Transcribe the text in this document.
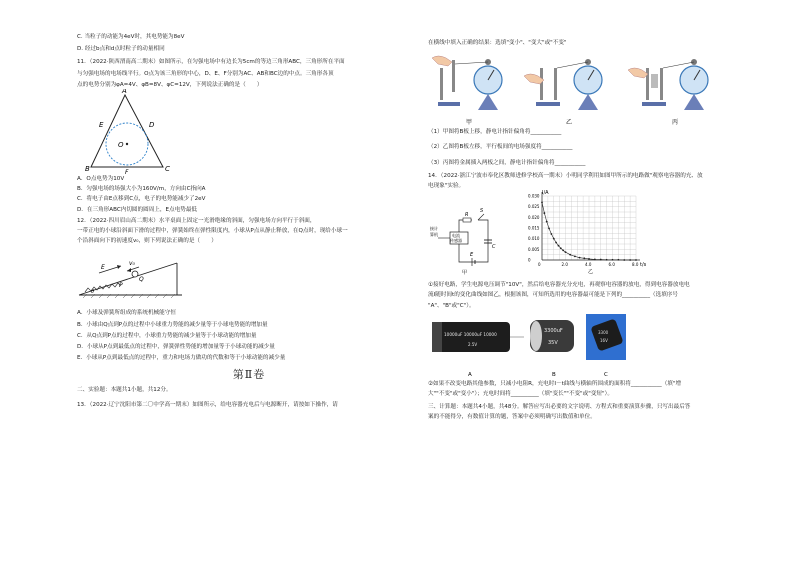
C. 当粒子的动能为4eV时，其电势能为8eV

D. 经过b点和d点时粒子的动量相同

11．（2022·陕西渭南高二期末）如图所示，在匀强电场中有边长为5cm的等边三角形ABC，三角形所在平面

与匀强电场的电场线平行。O点为该三角形的中心，D、E、F分别为AC、AB和BC边的中点。三角形各顶

点的电势分别为φA=4V、φB=8V、φC=12V，下列说法正确的是（　　）

A
B	C
D
E
F
O

A．O点电势为10V

B．匀强电场的场强大小为160V/m，方向由C指向A

C．将电子由E点移到C点，电子的电势能减少了2eV

D．在三角形ABC内切圆的圆周上，E点电势最低

12．（2022·四川眉山高二期末）水平桌面上固定一光滑绝缘的斜面，匀强电场方向平行于斜面，

一带正电的小球沿斜面下滑的过程中，弹簧始终在弹性限度内，小球从P点从静止释放，在Q点时，现给小球一

个沿斜面向下的初速度v₀，则下列说法正确的是（　　）

E
v₀
P
Q
θ

A．小球及弹簧所组成的系统机械能守恒

B．小球由Q点到P点的过程中小球重力势能的减少量等于小球电势能的增加量

C．从Q点到P点的过程中，小球重力势能的减少量等于小球动能的增加量

D．小球从P点到最低点的过程中，弹簧弹性势能的增加量等于小球动能的减少量

E．小球从P点到最低点的过程中，重力和电场力做功的代数和等于小球动能的减少量

第Ⅱ卷

二、实验题：本题共1小题，共12分。

13．（2022·辽宁沈阳市第二〇中学高一期末）如图所示，给电容器充电后与电源断开，请按如下操作，请

在横线中填入正确的结果：选填"变小"、"变大"或"不变"

甲	乙	丙

（1）甲图将B板上移，静电计指针偏角将___________

（2）乙图将B板左移，平行板间的电场强度将___________

（3）丙图将金属插入两板之间，静电计指针偏角将___________

14．（2022·浙江宁波市奉化区教师进修学校高一期末）小明同学利用如图甲所示的电路做"观察电容器的充、放

电现象"实验。

电流
传感器
接计
算机
R
S
C
E
甲
0	2.0	4.0	6.0	8.0
0
0.005
0.010
0.015
0.020
0.025
0.030 I/A
t/s
乙

①接好电路，学生电源电压调节"10V"，然后给电容器充分充电，再观察电容器的放电，得到电容器放电电

流I随时间t的变化曲线如图乙，根据该图，可知所选用的电容器最可能是下列的__________（选填序号

"A"、"B"或"C"）。

10000uF 10000uF 10000
2.5V
A
3300uF
35V
B
3300
16V
C

②如果不改变电路其他参数，只减小电阻R，充电时I－t曲线与横轴所围成的面积将___________（填"增

大""不变"或"变小"）；充电时间将__________（填"变长""不变"或"变短"）。

三、计算题：本题共4小题，共48分。解答应写出必要的文字说明、方程式和重要演算步骤，只写出最后答

案的不能得分，有数值计算的题，答案中必须明确写出数值和单位。
